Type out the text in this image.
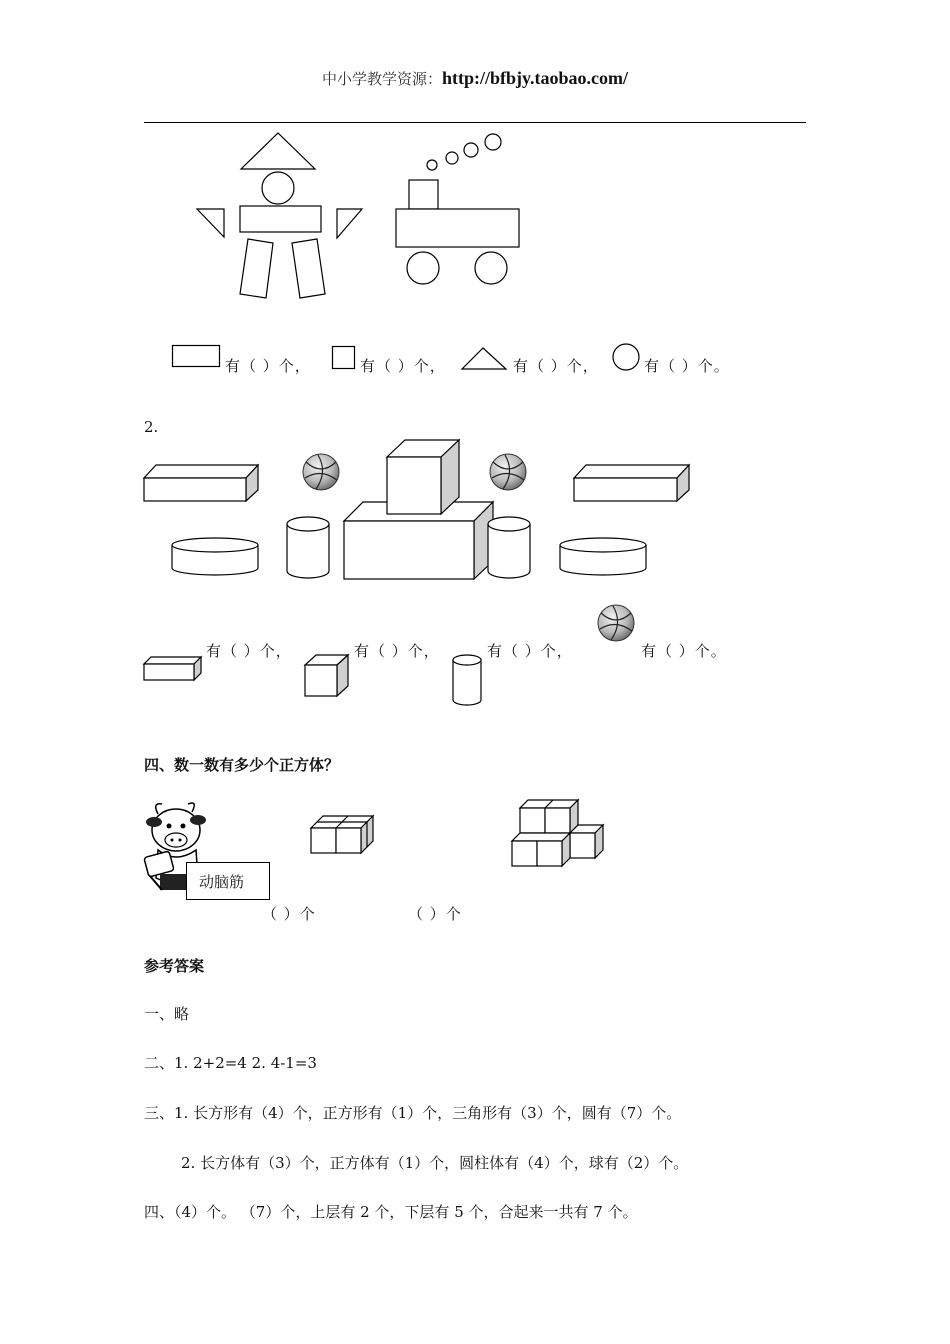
中小学教学资源：http://bfbjy.taobao.com/
有（ ）个，	有（ ）个，	有（ ）个，	有（ ）个。
2.
有（ ）个，	有（ ）个，	有（ ）个，	有（ ）个。
四、数一数有多少个正方体？
动脑筋
（ ）个	（ ）个
参考答案
一、略
二、1. 2+2=4 2. 4-1=3
三、1. 长方形有（4）个，正方形有（1）个，三角形有（3）个，圆有（7）个。
2. 长方体有（3）个，正方体有（1）个，圆柱体有（4）个，球有（2）个。
四、（4）个。 （7）个，上层有 2 个，下层有 5 个，合起来一共有 7 个。
